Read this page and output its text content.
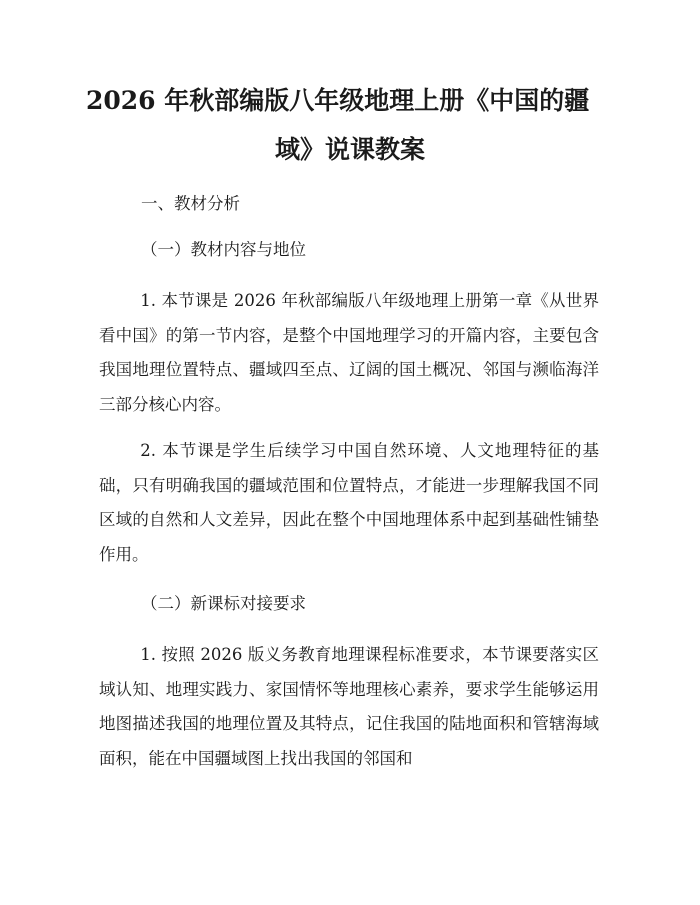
2026 年秋部编版八年级地理上册《中国的疆
域》说课教案

一、教材分析

（一）教材内容与地位

1. 本节课是 2026 年秋部编版八年级地理上册第一章《从世界看中国》的第一节内容，是整个中国地理学习的开篇内容，主要包含我国地理位置特点、疆域四至点、辽阔的国土概况、邻国与濒临海洋三部分核心内容。

2. 本节课是学生后续学习中国自然环境、人文地理特征的基础，只有明确我国的疆域范围和位置特点，才能进一步理解我国不同区域的自然和人文差异，因此在整个中国地理体系中起到基础性铺垫作用。

（二）新课标对接要求

1. 按照 2026 版义务教育地理课程标准要求，本节课要落实区域认知、地理实践力、家国情怀等地理核心素养，要求学生能够运用地图描述我国的地理位置及其特点，记住我国的陆地面积和管辖海域面积，能在中国疆域图上找出我国的邻国和
